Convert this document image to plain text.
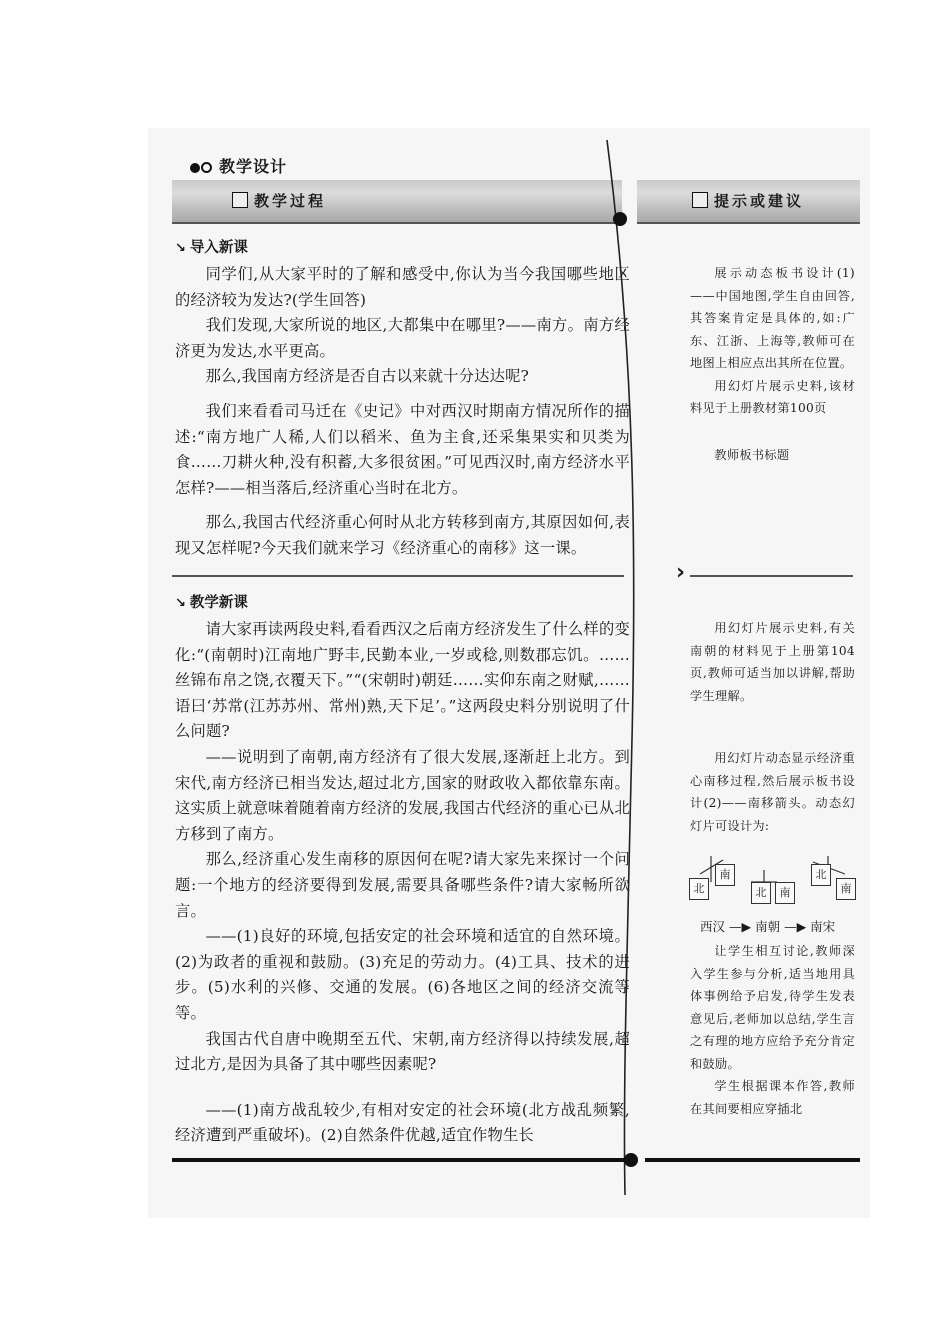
教学设计
教学过程	提示或建议
↘ 导入新课

同学们,从大家平时的了解和感受中,你认为当今我国哪些地区的经济较为发达?(学生回答)

我们发现,大家所说的地区,大都集中在哪里?——南方。南方经济更为发达,水平更高。

那么,我国南方经济是否自古以来就十分达达呢?

我们来看看司马迁在《史记》中对西汉时期南方情况所作的描述:“南方地广人稀,人们以稻米、鱼为主食,还采集果实和贝类为食……刀耕火种,没有积蓄,大多很贫困。”可见西汉时,南方经济水平怎样?——相当落后,经济重心当时在北方。

那么,我国古代经济重心何时从北方转移到南方,其原因如何,表现又怎样呢?今天我们就来学习《经济重心的南移》这一课。

›
↘ 教学新课

请大家再读两段史料,看看西汉之后南方经济发生了什么样的变化:“(南朝时)江南地广野丰,民勤本业,一岁或稔,则数郡忘饥。……丝锦布帛之饶,衣覆天下。”“(宋朝时)朝廷……实仰东南之财赋,……语曰‘苏常(江苏苏州、常州)熟,天下足’。”这两段史料分别说明了什么问题?

——说明到了南朝,南方经济有了很大发展,逐渐赶上北方。到宋代,南方经济已相当发达,超过北方,国家的财政收入都依靠东南。这实质上就意味着随着南方经济的发展,我国古代经济的重心已从北方移到了南方。

那么,经济重心发生南移的原因何在呢?请大家先来探讨一个问题:一个地方的经济要得到发展,需要具备哪些条件?请大家畅所欲言。

——(1)良好的环境,包括安定的社会环境和适宜的自然环境。(2)为政者的重视和鼓励。(3)充足的劳动力。(4)工具、技术的进步。(5)水利的兴修、交通的发展。(6)各地区之间的经济交流等等。

我国古代自唐中晚期至五代、宋朝,南方经济得以持续发展,超过北方,是因为具备了其中哪些因素呢?

——(1)南方战乱较少,有相对安定的社会环境(北方战乱频繁,经济遭到严重破坏)。(2)自然条件优越,适宜作物生长

展示动态板书设计(1)——中国地图,学生自由回答,其答案肯定是具体的,如:广东、江浙、上海等,教师可在地图上相应点出其所在位置。

用幻灯片展示史料,该材料见于上册教材第100页

教师板书标题

用幻灯片展示史料,有关南朝的材料见于上册第104页,教师可适当加以讲解,帮助学生理解。

用幻灯片动态显示经济重心南移过程,然后展示板书设计(2)——南移箭头。动态幻灯片可设计为:

北
南
北	南
北
南
西汉 —▶ 南朝 —▶ 南宋

让学生相互讨论,教师深入学生参与分析,适当地用具体事例给予启发,待学生发表意见后,老师加以总结,学生言之有理的地方应给予充分肯定和鼓励。

学生根据课本作答,教师在其间要相应穿插北
